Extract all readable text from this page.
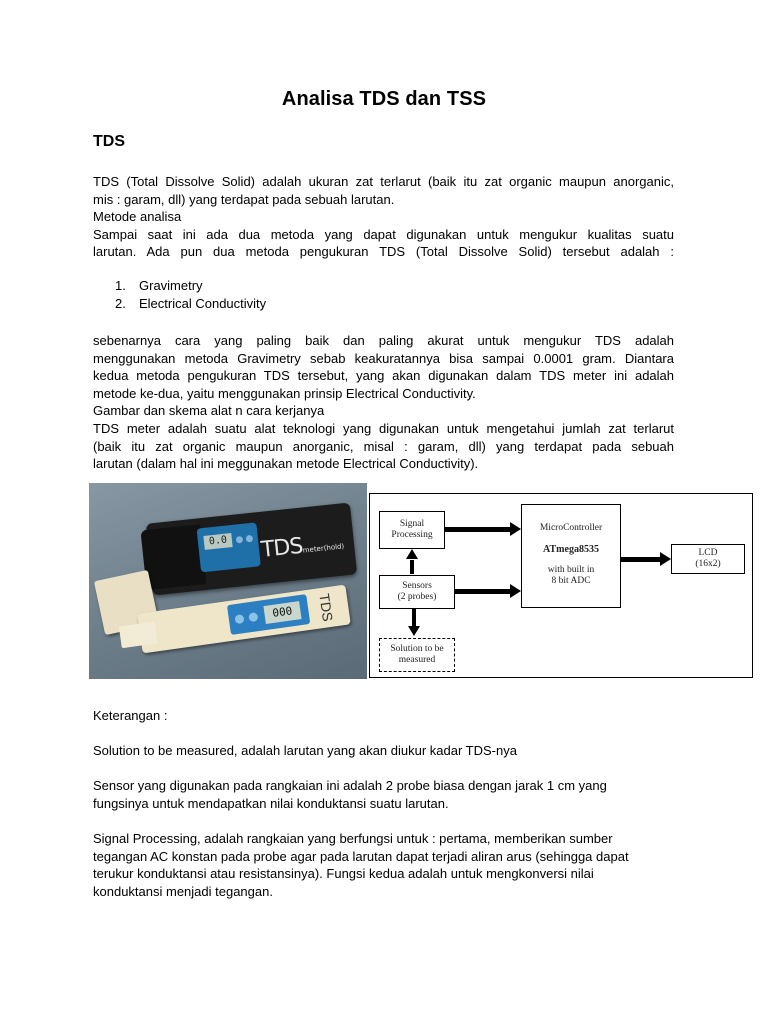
Analisa TDS dan TSS
TDS
TDS (Total Dissolve Solid) adalah ukuran zat terlarut (baik itu zat organic maupun anorganic,
mis : garam, dll) yang terdapat pada sebuah larutan.
Metode analisa
Sampai saat ini ada dua metoda yang dapat digunakan untuk mengukur kualitas suatu
larutan. Ada pun dua metoda pengukuran TDS (Total Dissolve Solid) tersebut adalah :
1. Gravimetry
2. Electrical Conductivity
sebenarnya cara yang paling baik dan paling akurat untuk mengukur TDS adalah
menggunakan metoda Gravimetry sebab keakuratannya bisa sampai 0.0001 gram. Diantara
kedua metoda pengukuran TDS tersebut, yang akan digunakan dalam TDS meter ini adalah
metode ke-dua, yaitu menggunakan prinsip Electrical Conductivity.
Gambar dan skema alat n cara kerjanya
TDS meter adalah suatu alat teknologi yang digunakan untuk mengetahui jumlah zat terlarut
(baik itu zat organic maupun anorganic, misal : garam, dll) yang terdapat pada sebuah
larutan (dalam hal ini meggunakan metode Electrical Conductivity).
0.0 TDSmeter(hold)
000	TDS
Signal
Processing
Sensors
(2 probes)
Solution to be
measured
MicroController
ATmega8535
with built in
8 bit ADC
LCD
(16x2)
Keterangan :
Solution to be measured, adalah larutan yang akan diukur kadar TDS-nya
Sensor yang digunakan pada rangkaian ini adalah 2 probe biasa dengan jarak 1 cm yang
fungsinya untuk mendapatkan nilai konduktansi suatu larutan.
Signal Processing, adalah rangkaian yang berfungsi untuk : pertama, memberikan sumber
tegangan AC konstan pada probe agar pada larutan dapat terjadi aliran arus (sehingga dapat
terukur konduktansi atau resistansinya). Fungsi kedua adalah untuk mengkonversi nilai
konduktansi menjadi tegangan.
